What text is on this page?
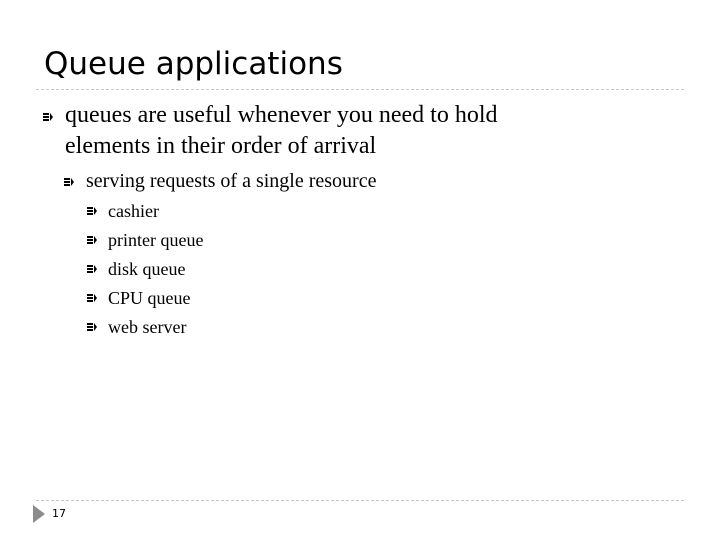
Queue applications
queues are useful whenever you need to hold
elements in their order of arrival
serving requests of a single resource
cashier
printer queue
disk queue
CPU queue
web server
17
